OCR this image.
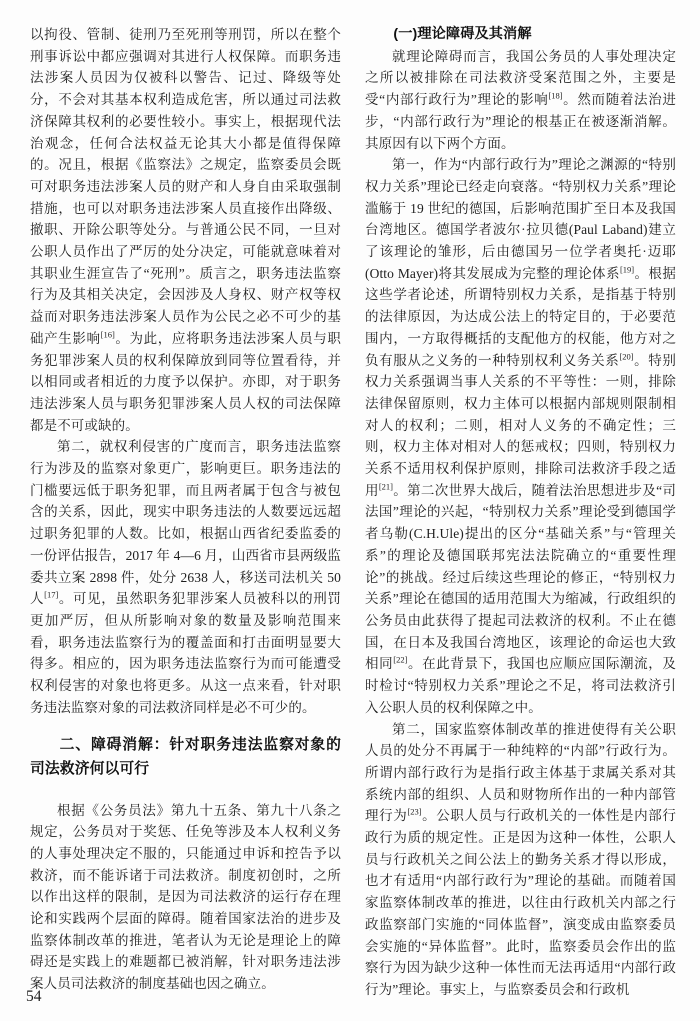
以拘役、管制、徒刑乃至死刑等刑罚，所以在整个刑事诉讼中都应强调对其进行人权保障。而职务违法涉案人员因为仅被科以警告、记过、降级等处分，不会对其基本权利造成危害，所以通过司法救济保障其权利的必要性较小。事实上，根据现代法治观念，任何合法权益无论其大小都是值得保障的。况且，根据《监察法》之规定，监察委员会既可对职务违法涉案人员的财产和人身自由采取强制措施，也可以对职务违法涉案人员直接作出降级、撤职、开除公职等处分。与普通公民不同，一旦对公职人员作出了严厉的处分决定，可能就意味着对其职业生涯宣告了“死刑”。质言之，职务违法监察行为及其相关决定，会因涉及人身权、财产权等权益而对职务违法涉案人员作为公民之必不可少的基础产生影响[16]。为此，应将职务违法涉案人员与职务犯罪涉案人员的权利保障放到同等位置看待，并以相同或者相近的力度予以保护。亦即，对于职务违法涉案人员与职务犯罪涉案人员人权的司法保障都是不可或缺的。

第二，就权利侵害的广度而言，职务违法监察行为涉及的监察对象更广，影响更巨。职务违法的门槛要远低于职务犯罪，而且两者属于包含与被包含的关系，因此，现实中职务违法的人数要远远超过职务犯罪的人数。比如，根据山西省纪委监委的一份评估报告，2017 年 4—6 月，山西省市县两级监委共立案 2898 件，处分 2638 人，移送司法机关 50 人[17]。可见，虽然职务犯罪涉案人员被科以的刑罚更加严厉，但从所影响对象的数量及影响范围来看，职务违法监察行为的覆盖面和打击面明显要大得多。相应的，因为职务违法监察行为而可能遭受权利侵害的对象也将更多。从这一点来看，针对职务违法监察对象的司法救济同样是必不可少的。

二、障碍消解：针对职务违法监察对象的司法救济何以可行

根据《公务员法》第九十五条、第九十八条之规定，公务员对于奖惩、任免等涉及本人权利义务的人事处理决定不服的，只能通过申诉和控告予以救济，而不能诉诸于司法救济。制度初创时，之所以作出这样的限制，是因为司法救济的运行存在理论和实践两个层面的障碍。随着国家法治的进步及监察体制改革的推进，笔者认为无论是理论上的障碍还是实践上的难题都已被消解，针对职务违法涉案人员司法救济的制度基础也因之确立。

(一)理论障碍及其消解

就理论障碍而言，我国公务员的人事处理决定之所以被排除在司法救济受案范围之外，主要是受“内部行政行为”理论的影响[18]。然而随着法治进步，“内部行政行为”理论的根基正在被逐渐消解。其原因有以下两个方面。

第一，作为“内部行政行为”理论之渊源的“特别权力关系”理论已经走向衰落。“特别权力关系”理论滥觞于 19 世纪的德国，后影响范围扩至日本及我国台湾地区。德国学者波尔·拉贝德(Paul Laband)建立了该理论的雏形，后由德国另一位学者奥托·迈耶(Otto Mayer)将其发展成为完整的理论体系[19]。根据这些学者论述，所谓特别权力关系，是指基于特别的法律原因，为达成公法上的特定目的，于必要范围内，一方取得概括的支配他方的权能，他方对之负有服从之义务的一种特别权利义务关系[20]。特别权力关系强调当事人关系的不平等性：一则，排除法律保留原则，权力主体可以根据内部规则限制相对人的权利；二则，相对人义务的不确定性；三则，权力主体对相对人的惩戒权；四则，特别权力关系不适用权利保护原则，排除司法救济手段之适用[21]。第二次世界大战后，随着法治思想进步及“司法国”理论的兴起，“特别权力关系”理论受到德国学者乌勒(C.H.Ule)提出的区分“基础关系”与“管理关系”的理论及德国联邦宪法法院确立的“重要性理论”的挑战。经过后续这些理论的修正，“特别权力关系”理论在德国的适用范围大为缩减，行政组织的公务员由此获得了提起司法救济的权利。不止在德国，在日本及我国台湾地区，该理论的命运也大致相同[22]。在此背景下，我国也应顺应国际潮流，及时检讨“特别权力关系”理论之不足，将司法救济引入公职人员的权利保障之中。

第二，国家监察体制改革的推进使得有关公职人员的处分不再属于一种纯粹的“内部”行政行为。所谓内部行政行为是指行政主体基于隶属关系对其系统内部的组织、人员和财物所作出的一种内部管理行为[23]。公职人员与行政机关的一体性是内部行政行为质的规定性。正是因为这种一体性，公职人员与行政机关之间公法上的勤务关系才得以形成，也才有适用“内部行政行为”理论的基础。而随着国家监察体制改革的推进，以往由行政机关内部之行政监察部门实施的“同体监督”，演变成由监察委员会实施的“异体监督”。此时，监察委员会作出的监察行为因为缺少这种一体性而无法再适用“内部行政行为”理论。事实上，与监察委员会和行政机

54
